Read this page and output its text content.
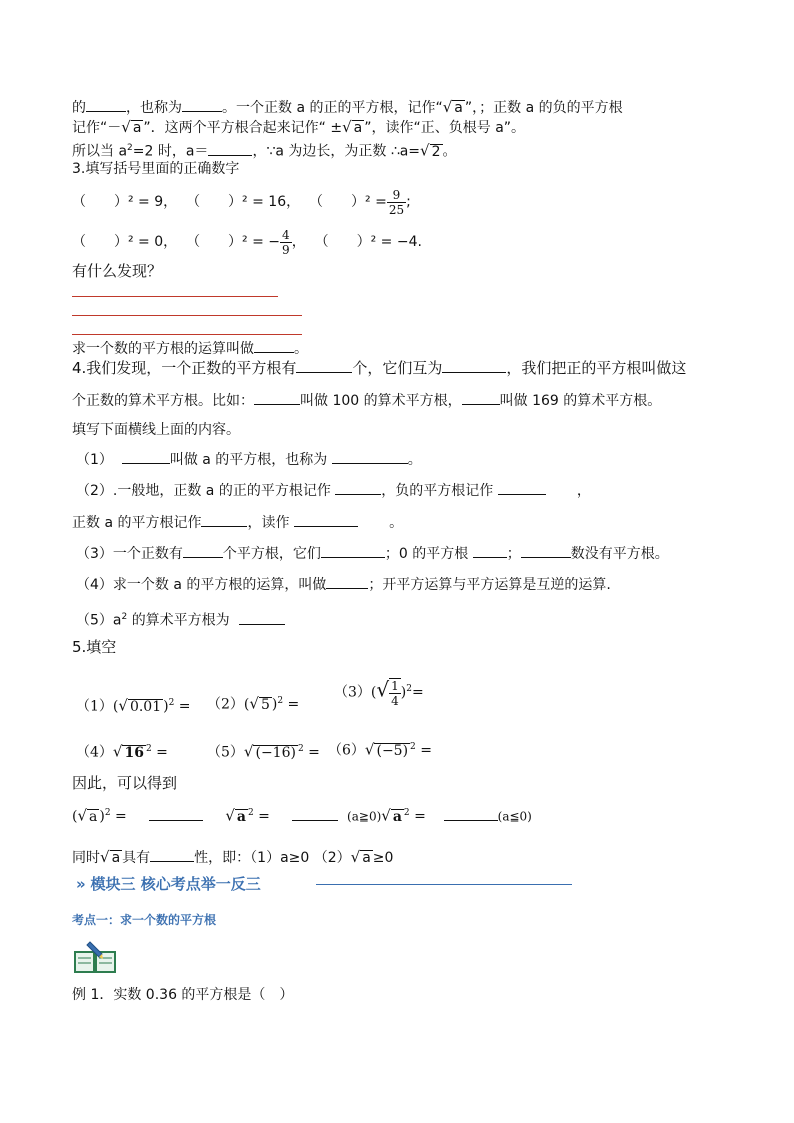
的	，也称为	。一个正数 a 的正的平方根，记作“√ a ”，；正数 a 的负的平方根
记作“－√ a ”．这两个平方根合起来记作“ ±√ a ”，读作“正、负根号 a”。
所以当 $a^2=2$ 时，a＝	，∵a 为边长，为正数 ∴a=√ 2 。
3.填写括号里面的正确数字
（　　）² = 9， （　　）² = 16， （　　）$^2 = \frac{9}{25}$ ;
（　　）² = 0， （　　）² = − $\frac{4}{9}$ ， （　　）² = −4.
有什么发现？
求一个数的平方根的运算叫做	。
4.我们发现，一个正数的平方根有	个，它们互为	，我们把正的平方根叫做这
个正数的算术平方根。比如：	叫做 100 的算术平方根，	叫做 169 的算术平方根。
填写下面横线上面的内容。
（1）	叫做 a 的平方根，也称为	。
（2）.一般地，正数 a 的正的平方根记作	，负的平方根记作	，
正数 a 的平方根记作	，读作	。
（3）一个正数有	个平方根，它们	；0 的平方根	；	数没有平方根。
（4）求一个数 a 的平方根的运算，叫做	；开平方运算与平方运算是互逆的运算.
$(5)a^2$ 的算术平方根为
5.填空
（1）(√ 0.01 )$^2$ = （2）(√ 5 )$^2$ =
$(3)(√ \frac{1}{4} )^2=$
（4）√ 16 $^2$ =	（5）√ (−16) $^2$ = （6）√ (−5) $^2$ =
因此，可以得到
(√ a )$^2$ =	√ a $^2$ =	(a≧0)√ a $^2$ =	(a≦0)
同时√ a 具有	性，即：（1）a≥0 （2）√ a ≥0
» 模块三 核心考点举一反三
考点一：求一个数的平方根
例 1．实数 0.36 的平方根是（　）
